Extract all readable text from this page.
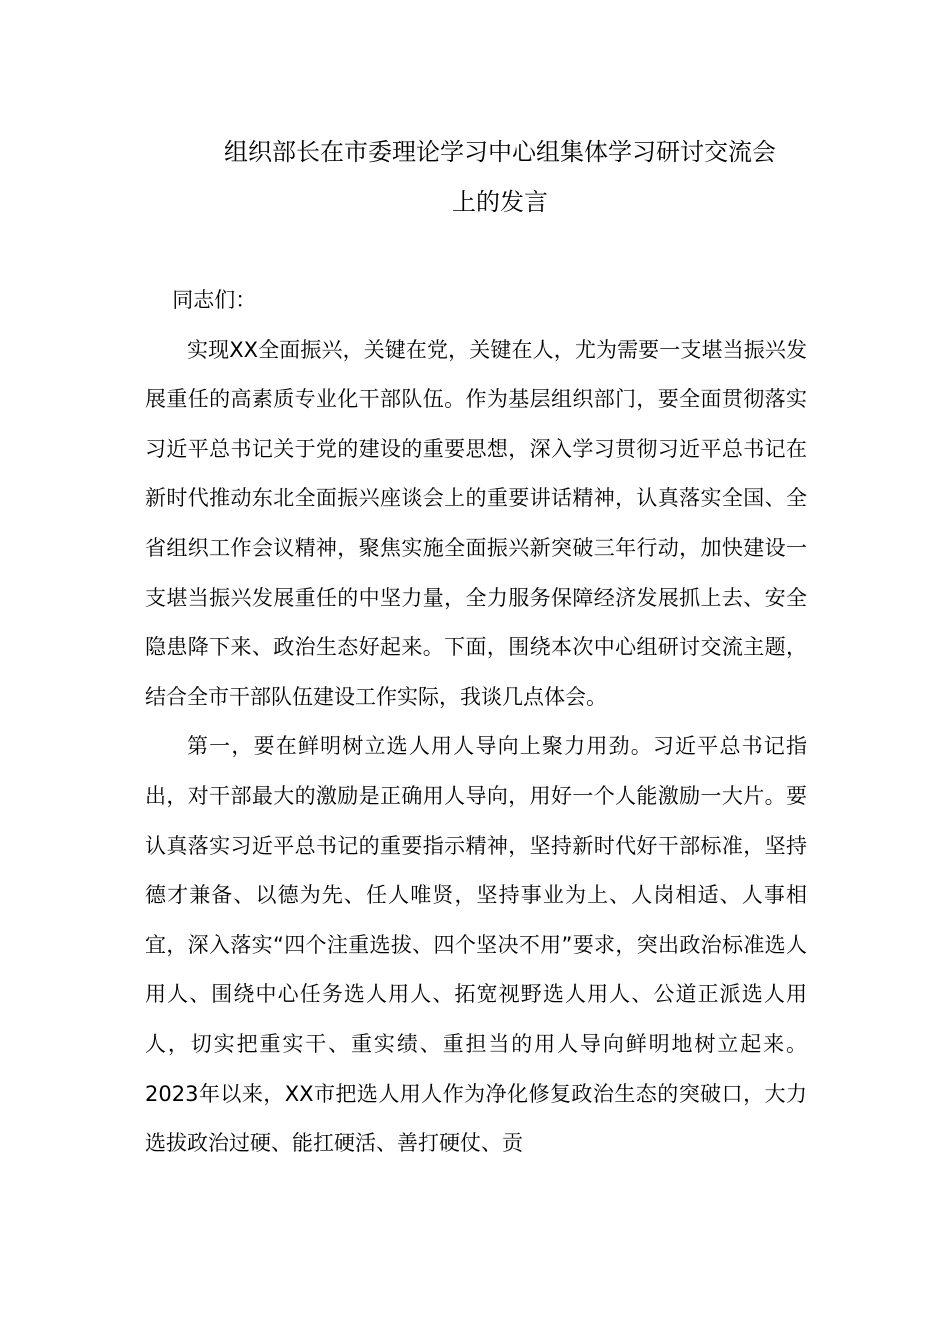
组织部长在市委理论学习中心组集体学习研讨交流会
上的发言

同志们：

实现XX全面振兴，关键在党，关键在人，尤为需要一支堪当振兴发展重任的高素质专业化干部队伍。作为基层组织部门，要全面贯彻落实习近平总书记关于党的建设的重要思想，深入学习贯彻习近平总书记在新时代推动东北全面振兴座谈会上的重要讲话精神，认真落实全国、全省组织工作会议精神，聚焦实施全面振兴新突破三年行动，加快建设一支堪当振兴发展重任的中坚力量，全力服务保障经济发展抓上去、安全隐患降下来、政治生态好起来。下面，围绕本次中心组研讨交流主题，结合全市干部队伍建设工作实际，我谈几点体会。

第一，要在鲜明树立选人用人导向上聚力用劲。习近平总书记指出，对干部最大的激励是正确用人导向，用好一个人能激励一大片。要认真落实习近平总书记的重要指示精神，坚持新时代好干部标准，坚持德才兼备、以德为先、任人唯贤，坚持事业为上、人岗相适、人事相宜，深入落实“四个注重选拔、四个坚决不用”要求，突出政治标准选人用人、围绕中心任务选人用人、拓宽视野选人用人、公道正派选人用人，切实把重实干、重实绩、重担当的用人导向鲜明地树立起来。2023年以来，XX市把选人用人作为净化修复政治生态的突破口，大力选拔政治过硬、能扛硬活、善打硬仗、贡
